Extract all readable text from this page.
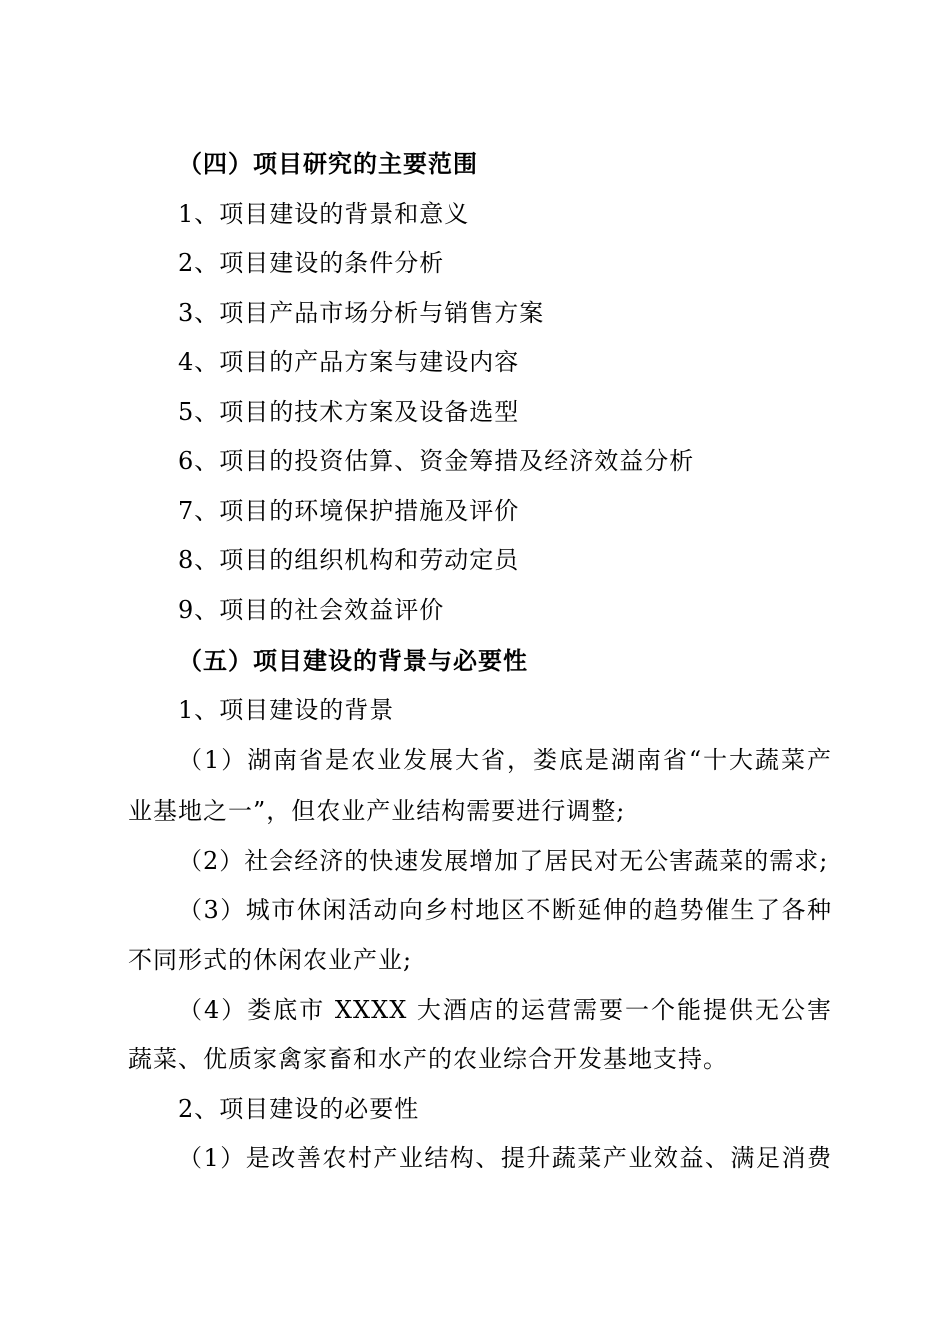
（四）项目研究的主要范围
1、项目建设的背景和意义
2、项目建设的条件分析
3、项目产品市场分析与销售方案
4、项目的产品方案与建设内容
5、项目的技术方案及设备选型
6、项目的投资估算、资金筹措及经济效益分析
7、项目的环境保护措施及评价
8、项目的组织机构和劳动定员
9、项目的社会效益评价
（五）项目建设的背景与必要性
1、项目建设的背景
（1）湖南省是农业发展大省，娄底是湖南省“十大蔬菜产
业基地之一”，但农业产业结构需要进行调整;
（2）社会经济的快速发展增加了居民对无公害蔬菜的需求;
（3）城市休闲活动向乡村地区不断延伸的趋势催生了各种
不同形式的休闲农业产业;
（4）娄底市 XXXX 大酒店的运营需要一个能提供无公害
蔬菜、优质家禽家畜和水产的农业综合开发基地支持。
2、项目建设的必要性
（1）是改善农村产业结构、提升蔬菜产业效益、满足消费
